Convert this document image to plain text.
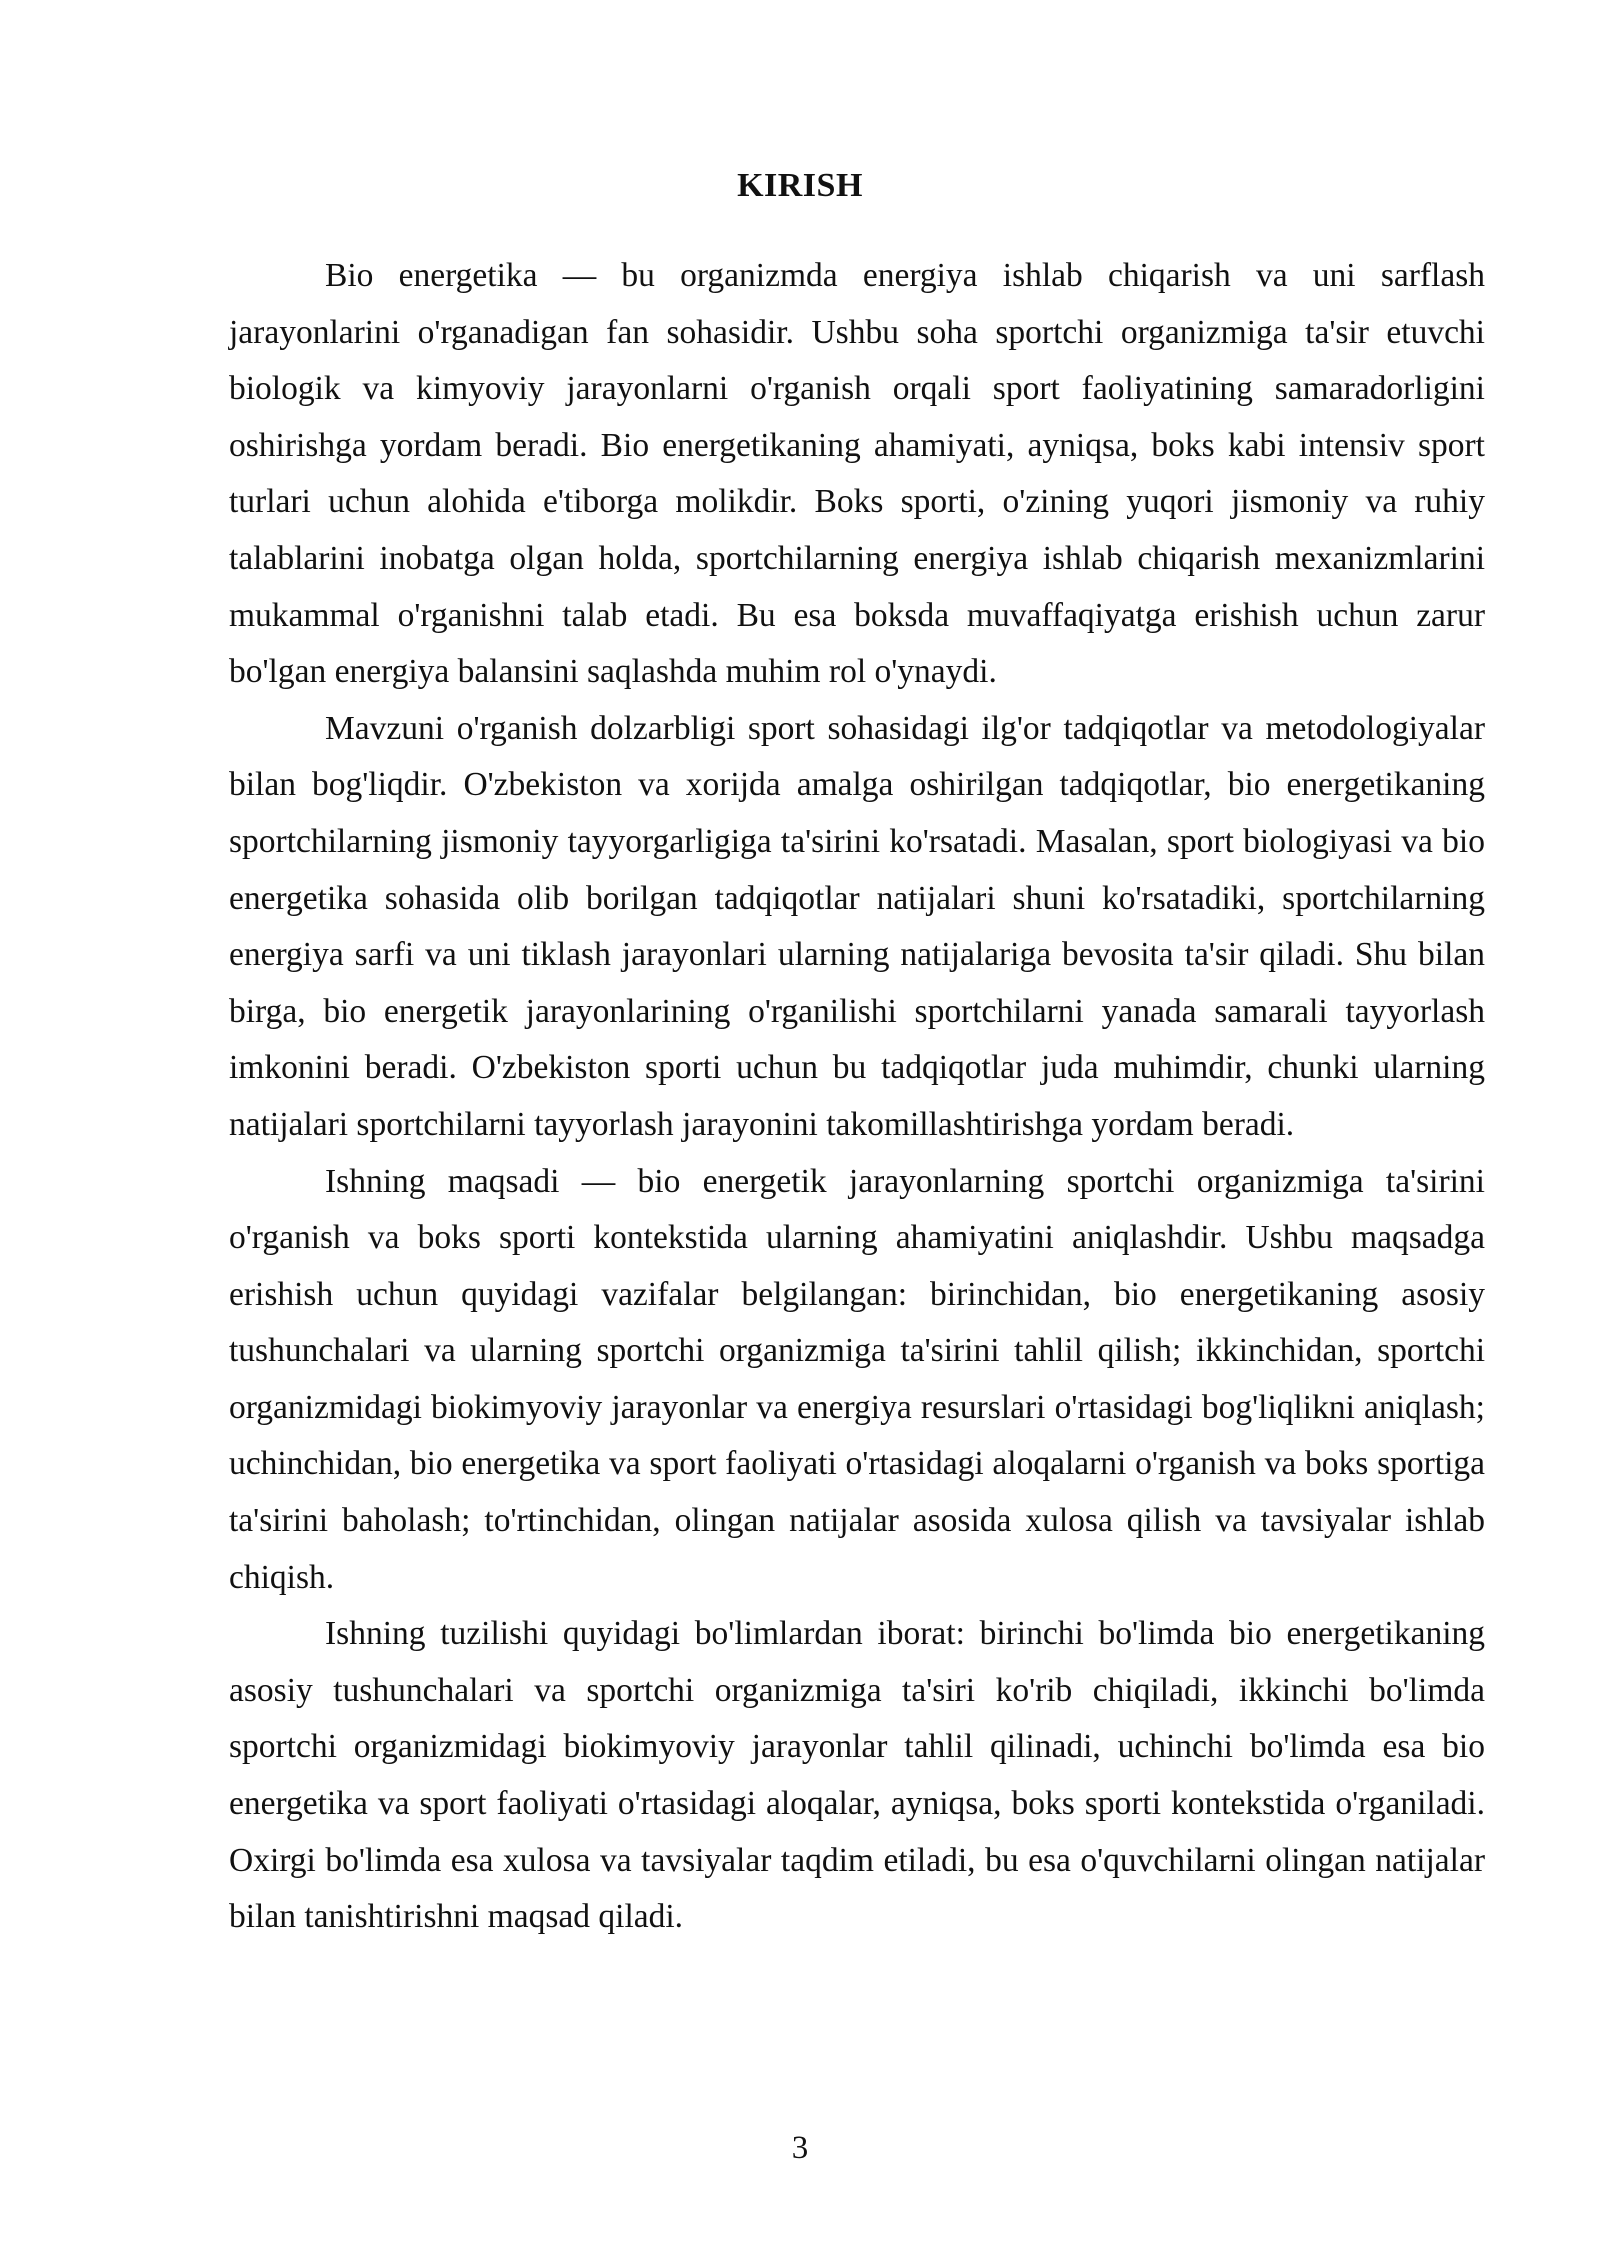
KIRISH

Bio energetika — bu organizmda energiya ishlab chiqarish va uni sarflash jarayonlarini o'rganadigan fan sohasidir. Ushbu soha sportchi organizmiga ta'sir etuvchi biologik va kimyoviy jarayonlarni o'rganish orqali sport faoliyatining samaradorligini oshirishga yordam beradi. Bio energetikaning ahamiyati, ayniqsa, boks kabi intensiv sport turlari uchun alohida e'tiborga molikdir. Boks sporti, o'zining yuqori jismoniy va ruhiy talablarini inobatga olgan holda, sportchilarning energiya ishlab chiqarish mexanizmlarini mukammal o'rganishni talab etadi. Bu esa boksda muvaffaqiyatga erishish uchun zarur bo'lgan energiya balansini saqlashda muhim rol o'ynaydi.

Mavzuni o'rganish dolzarbligi sport sohasidagi ilg'or tadqiqotlar va metodologiyalar bilan bog'liqdir. O'zbekiston va xorijda amalga oshirilgan tadqiqotlar, bio energetikaning sportchilarning jismoniy tayyorgarligiga ta'sirini ko'rsatadi. Masalan, sport biologiyasi va bio energetika sohasida olib borilgan tadqiqotlar natijalari shuni ko'rsatadiki, sportchilarning energiya sarfi va uni tiklash jarayonlari ularning natijalariga bevosita ta'sir qiladi. Shu bilan birga, bio energetik jarayonlarining o'rganilishi sportchilarni yanada samarali tayyorlash imkonini beradi. O'zbekiston sporti uchun bu tadqiqotlar juda muhimdir, chunki ularning natijalari sportchilarni tayyorlash jarayonini takomillashtirishga yordam beradi.

Ishning maqsadi — bio energetik jarayonlarning sportchi organizmiga ta'sirini o'rganish va boks sporti kontekstida ularning ahamiyatini aniqlashdir. Ushbu maqsadga erishish uchun quyidagi vazifalar belgilangan: birinchidan, bio energetikaning asosiy tushunchalari va ularning sportchi organizmiga ta'sirini tahlil qilish; ikkinchidan, sportchi organizmidagi biokimyoviy jarayonlar va energiya resurslari o'rtasidagi bog'liqlikni aniqlash; uchinchidan, bio energetika va sport faoliyati o'rtasidagi aloqalarni o'rganish va boks sportiga ta'sirini baholash; to'rtinchidan, olingan natijalar asosida xulosa qilish va tavsiyalar ishlab chiqish.

Ishning tuzilishi quyidagi bo'limlardan iborat: birinchi bo'limda bio energetikaning asosiy tushunchalari va sportchi organizmiga ta'siri ko'rib chiqiladi, ikkinchi bo'limda sportchi organizmidagi biokimyoviy jarayonlar tahlil qilinadi, uchinchi bo'limda esa bio energetika va sport faoliyati o'rtasidagi aloqalar, ayniqsa, boks sporti kontekstida o'rganiladi. Oxirgi bo'limda esa xulosa va tavsiyalar taqdim etiladi, bu esa o'quvchilarni olingan natijalar bilan tanishtirishni maqsad qiladi.

3
